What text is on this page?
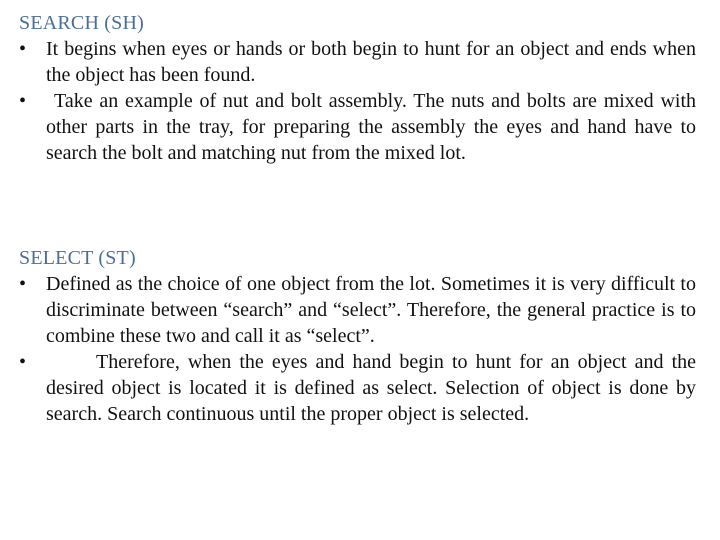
SEARCH (SH)
• It begins when eyes or hands or both begin to hunt for an object and ends when the object has been found.
•	Take an example of nut and bolt assembly. The nuts and bolts are mixed with other parts in the tray, for preparing the assembly the eyes and hand have to search the bolt and matching nut from the mixed lot.
SELECT (ST)
• Defined as the choice of one object from the lot. Sometimes it is very difficult to discriminate between “search” and “select”. Therefore, the general practice is to combine these two and call it as “select”.
•	Therefore, when the eyes and hand begin to hunt for an object and the desired object is located it is defined as select. Selection of object is done by search. Search continuous until the proper object is selected.
